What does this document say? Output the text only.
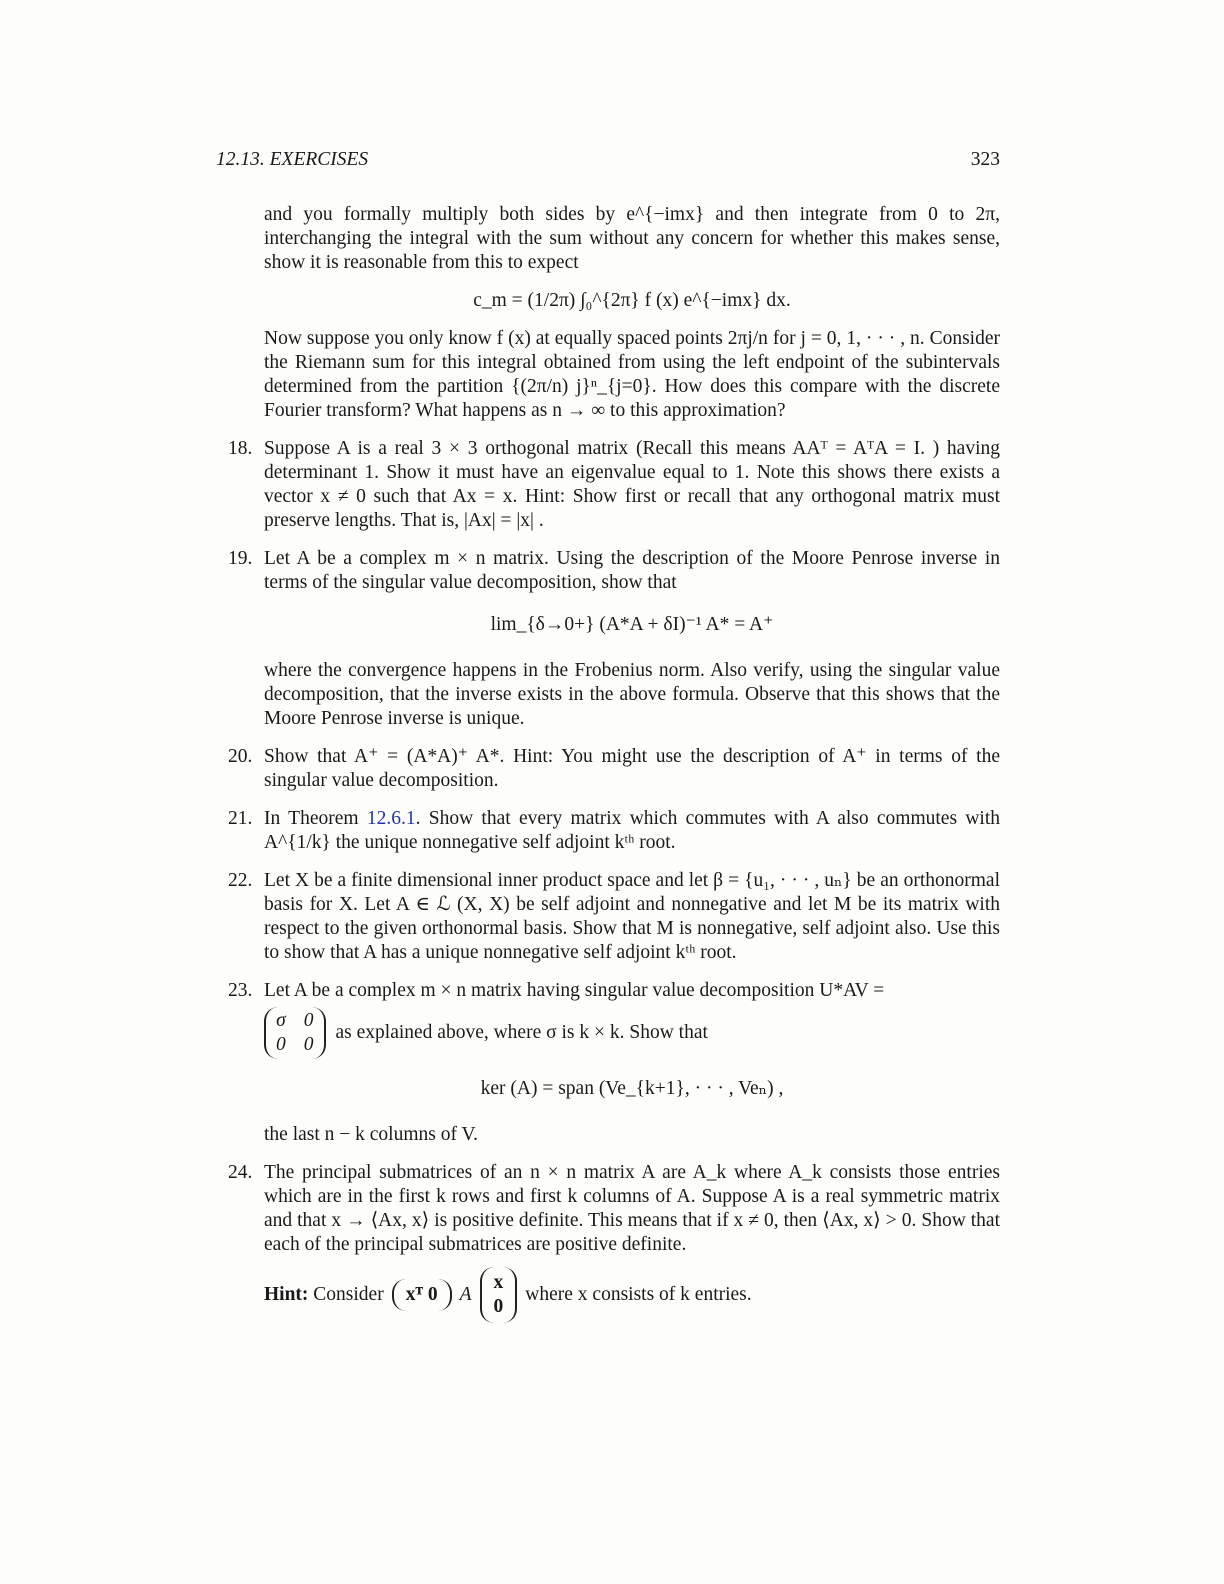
12.13. EXERCISES	323

and you formally multiply both sides by e^{−imx} and then integrate from 0 to 2π, interchanging the integral with the sum without any concern for whether this makes sense, show it is reasonable from this to expect

c_m = (1/2π) ∫₀^{2π} f (x) e^{−imx} dx.

Now suppose you only know f (x) at equally spaced points 2πj/n for j = 0, 1, · · · , n. Consider the Riemann sum for this integral obtained from using the left endpoint of the subintervals determined from the partition {(2π/n) j}ⁿ_{j=0}. How does this compare with the discrete Fourier transform? What happens as n → ∞ to this approximation?

18. Suppose A is a real 3 × 3 orthogonal matrix (Recall this means AAᵀ = AᵀA = I. ) having determinant 1. Show it must have an eigenvalue equal to 1. Note this shows there exists a vector x ≠ 0 such that Ax = x. Hint: Show first or recall that any orthogonal matrix must preserve lengths. That is, |Ax| = |x| .

19. Let A be a complex m × n matrix. Using the description of the Moore Penrose inverse in terms of the singular value decomposition, show that

lim_{δ→0+} (A*A + δI)⁻¹ A* = A⁺

where the convergence happens in the Frobenius norm. Also verify, using the singular value decomposition, that the inverse exists in the above formula. Observe that this shows that the Moore Penrose inverse is unique.

20. Show that A⁺ = (A*A)⁺ A*. Hint: You might use the description of A⁺ in terms of the singular value decomposition.

21. In Theorem 12.6.1. Show that every matrix which commutes with A also commutes with A^{1/k} the unique nonnegative self adjoint kᵗʰ root.

22. Let X be a finite dimensional inner product space and let β = {u₁, · · · , uₙ} be an orthonormal basis for X. Let A ∈ ℒ (X, X) be self adjoint and nonnegative and let M be its matrix with respect to the given orthonormal basis. Show that M is nonnegative, self adjoint also. Use this to show that A has a unique nonnegative self adjoint kᵗʰ root.

23. Let A be a complex m × n matrix having singular value decomposition U*AV =

σ 0
0 0
as explained above, where σ is k × k. Show that
ker (A) = span (Ve_{k+1}, · · · , Veₙ) ,

the last n − k columns of V.

24. The principal submatrices of an n × n matrix A are A_k where A_k consists those entries which are in the first k rows and first k columns of A. Suppose A is a real symmetric matrix and that x → ⟨Ax, x⟩ is positive definite. This means that if x ≠ 0, then ⟨Ax, x⟩ > 0. Show that each of the principal submatrices are positive definite.

Hint:
Consider	xᵀ 0	A
x
0
where x consists of k entries.
